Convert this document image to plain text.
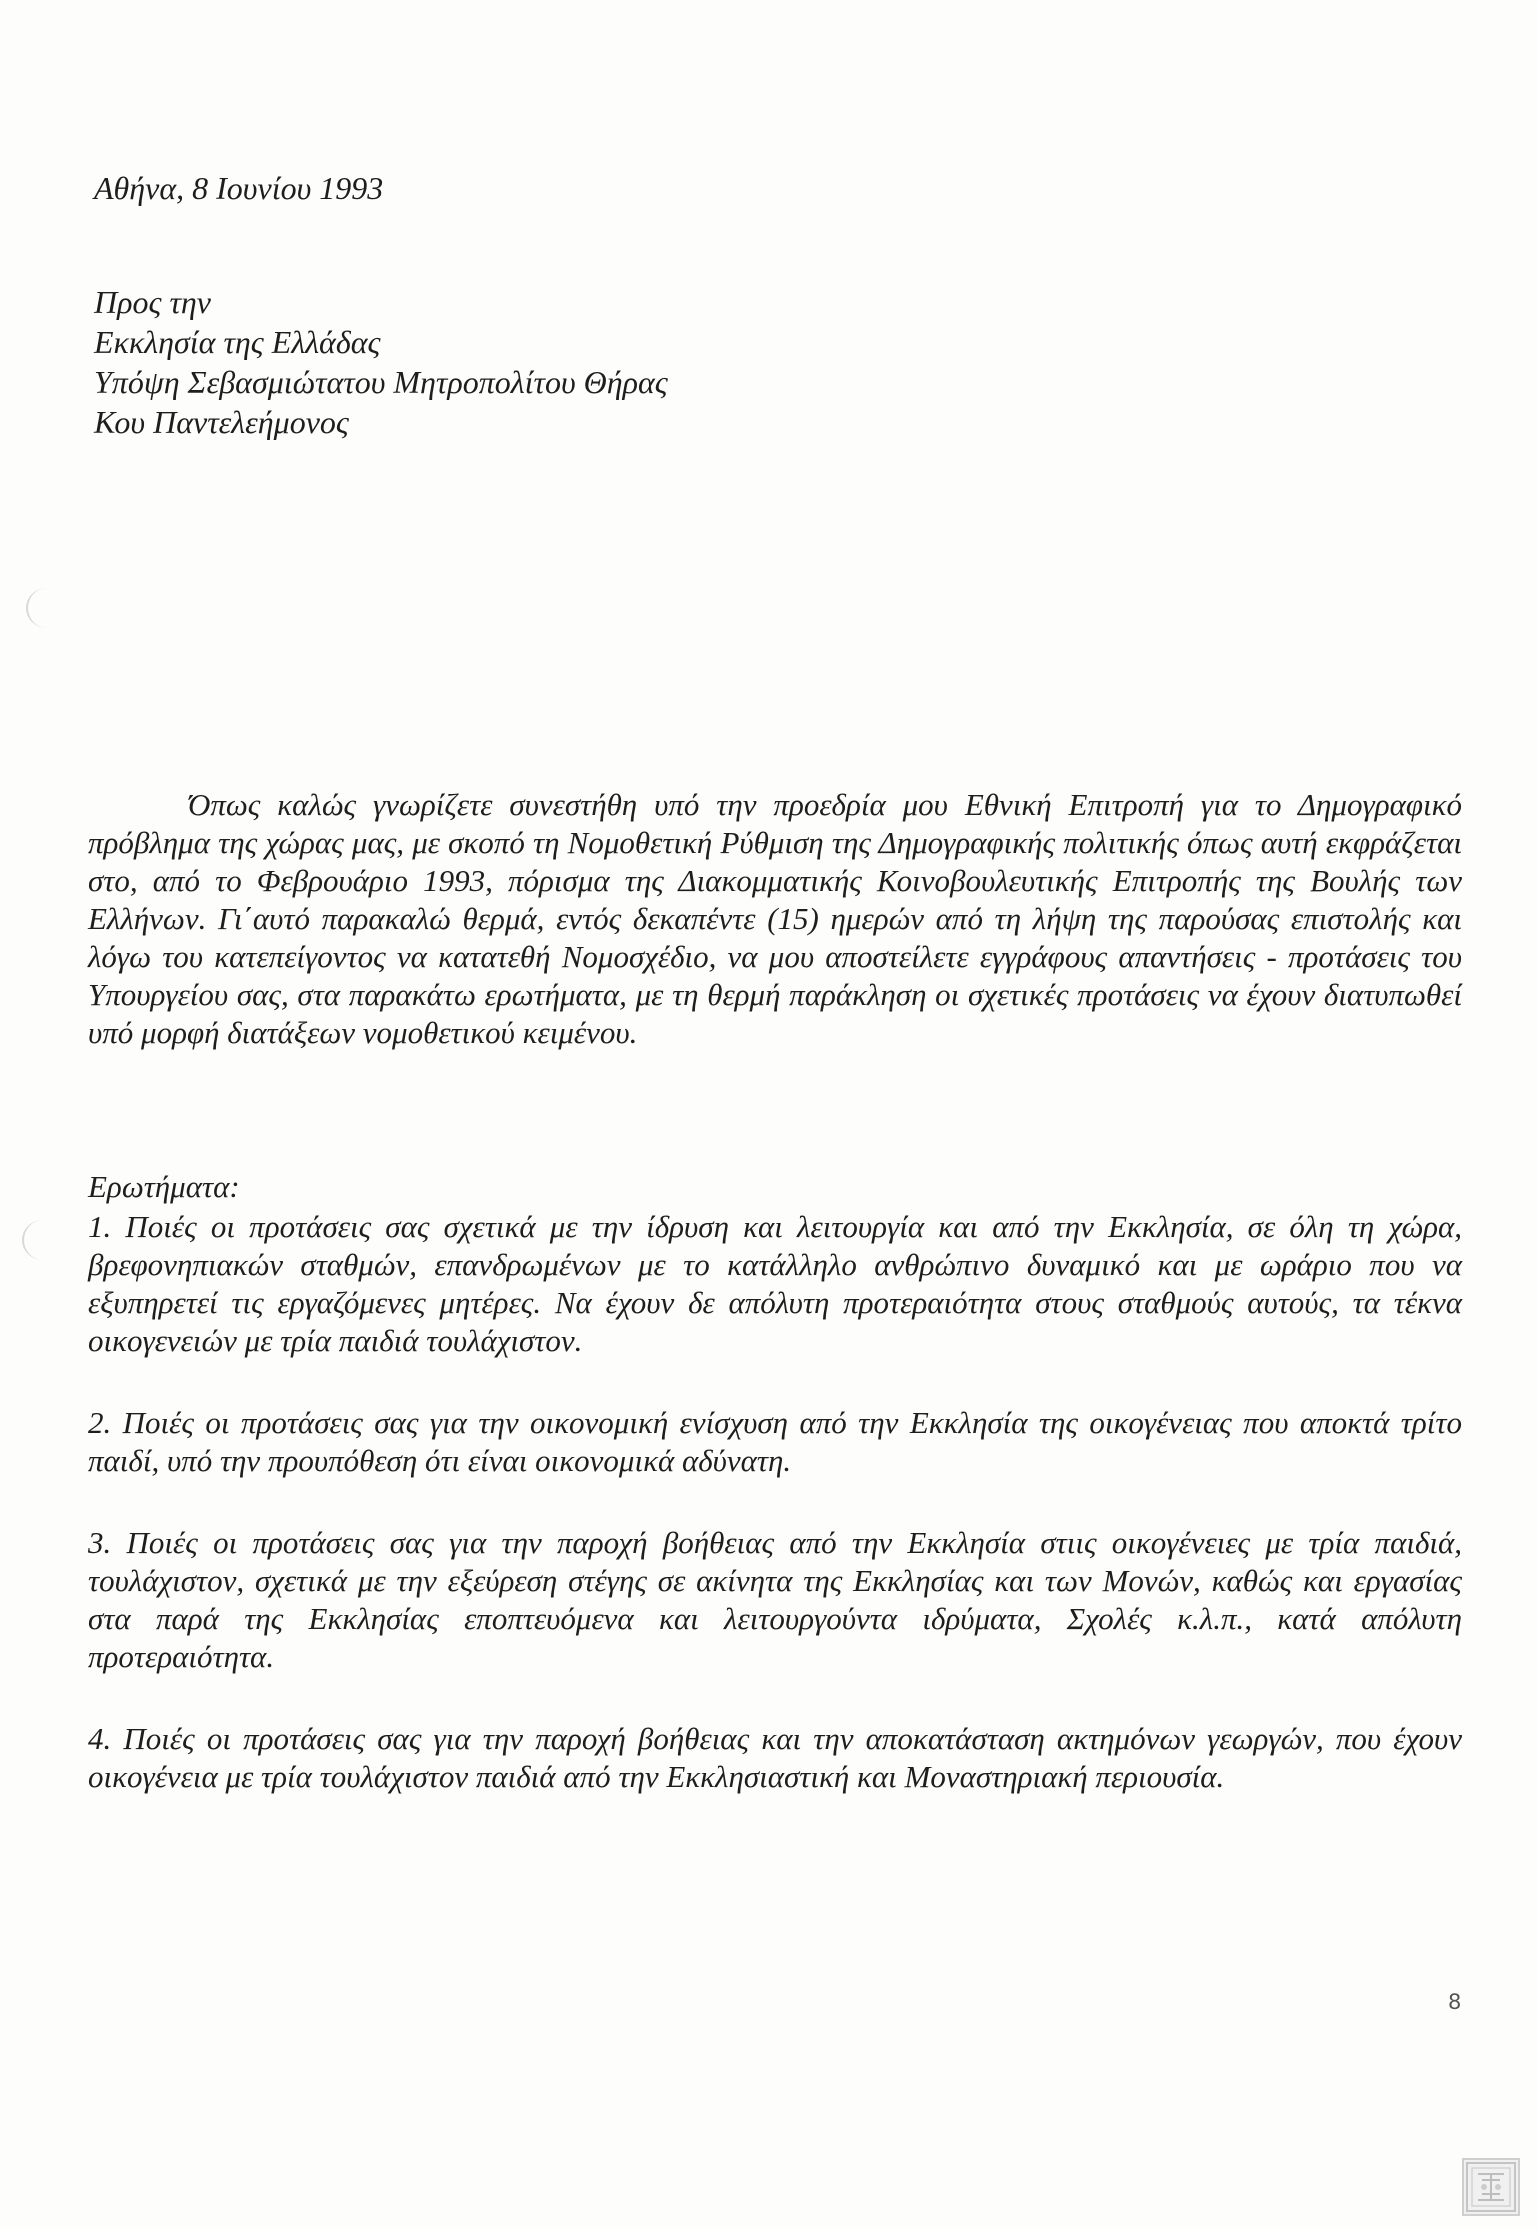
Αθήνα, 8 Ιουνίου 1993
Προς την
Εκκλησία της Ελλάδας
Υπόψη Σεβασμιώτατου Μητροπολίτου Θήρας
Κου Παντελεήμονος
Όπως καλώς γνωρίζετε συνεστήθη υπό την προεδρία μου Εθνική Επιτροπή για το Δημογραφικό πρόβλημα της χώρας μας, με σκοπό τη Νομοθετική Ρύθμιση της Δημογραφικής πολιτικής όπως αυτή εκφράζεται στο, από το Φεβρουάριο 1993, πόρισμα της Διακομματικής Κοινοβουλευτικής Επιτροπής της Βουλής των Ελλήνων. Γι΄αυτό παρακαλώ θερμά, εντός δεκαπέντε (15) ημερών από τη λήψη της παρούσας επιστολής και λόγω του κατεπείγοντος να κατατεθή Νομοσχέδιο, να μου αποστείλετε εγγράφους απαντήσεις - προτάσεις του Υπουργείου σας, στα παρακάτω ερωτήματα, με τη θερμή παράκληση οι σχετικές προτάσεις να έχουν διατυπωθεί υπό μορφή διατάξεων νομοθετικού κειμένου.
Ερωτήματα:
1. Ποιές οι προτάσεις σας σχετικά με την ίδρυση και λειτουργία και από την Εκκλησία, σε όλη τη χώρα, βρεφονηπιακών σταθμών, επανδρωμένων με το κατάλληλο ανθρώπινο δυναμικό και με ωράριο που να εξυπηρετεί τις εργαζόμενες μητέρες. Να έχουν δε απόλυτη προτεραιότητα στους σταθμούς αυτούς, τα τέκνα οικογενειών με τρία παιδιά τουλάχιστον.
2. Ποιές οι προτάσεις σας για την οικονομική ενίσχυση από την Εκκλησία της οικογένειας που αποκτά τρίτο παιδί, υπό την προυπόθεση ότι είναι οικονομικά αδύνατη.
3. Ποιές οι προτάσεις σας για την παροχή βοήθειας από την Εκκλησία στιις οικογένειες με τρία παιδιά, τουλάχιστον, σχετικά με την εξεύρεση στέγης σε ακίνητα της Εκκλησίας και των Μονών, καθώς και εργασίας στα παρά της Εκκλησίας εποπτευόμενα και λειτουργούντα ιδρύματα, Σχολές κ.λ.π., κατά απόλυτη προτεραιότητα.
4. Ποιές οι προτάσεις σας για την παροχή βοήθειας και την αποκατάσταση ακτημόνων γεωργών, που έχουν οικογένεια με τρία τουλάχιστον παιδιά από την Εκκλησιαστική και Μοναστηριακή περιουσία.
8
